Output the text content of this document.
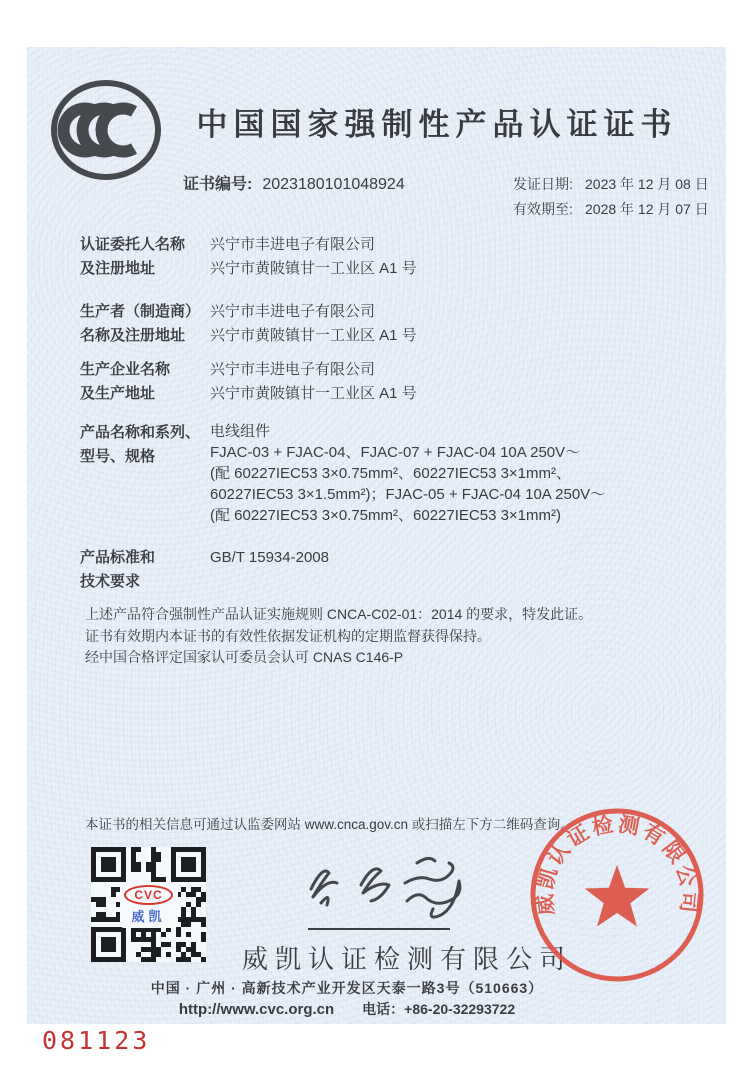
中国国家强制性产品认证证书
证书编号: 2023180101048924	发证日期: 2023 年 12 月 08 日
有效期至: 2028 年 12 月 07 日
认证委托人名称
及注册地址
兴宁市丰进电子有限公司
兴宁市黄陂镇甘一工业区 A1 号
生产者（制造商）
名称及注册地址
兴宁市丰进电子有限公司
兴宁市黄陂镇甘一工业区 A1 号
生产企业名称
及生产地址
兴宁市丰进电子有限公司
兴宁市黄陂镇甘一工业区 A1 号
产品名称和系列、
型号、规格
电线组件
FJAC-03 + FJAC-04、FJAC-07 + FJAC-04 10A 250V～
(配 60227IEC53 3×0.75mm²、60227IEC53 3×1mm²、
60227IEC53 3×1.5mm²)；FJAC-05 + FJAC-04 10A 250V～
(配 60227IEC53 3×0.75mm²、60227IEC53 3×1mm²)
产品标准和
技术要求
GB/T 15934-2008
上述产品符合强制性产品认证实施规则 CNCA-C02-01：2014 的要求，特发此证。
证书有效期内本证书的有效性依据发证机构的定期监督获得保持。
经中国合格评定国家认可委员会认可 CNAS C146-P
本证书的相关信息可通过认监委网站 www.cnca.gov.cn 或扫描左下方二维码查询。
CVC
威凯
威凯认证检测有限公司
中国 · 广州 · 高新技术产业开发区天泰一路3号（510663）
http://www.cvc.org.cn 电话：+86-20-32293722
威凯认证检测有限公司
081123
